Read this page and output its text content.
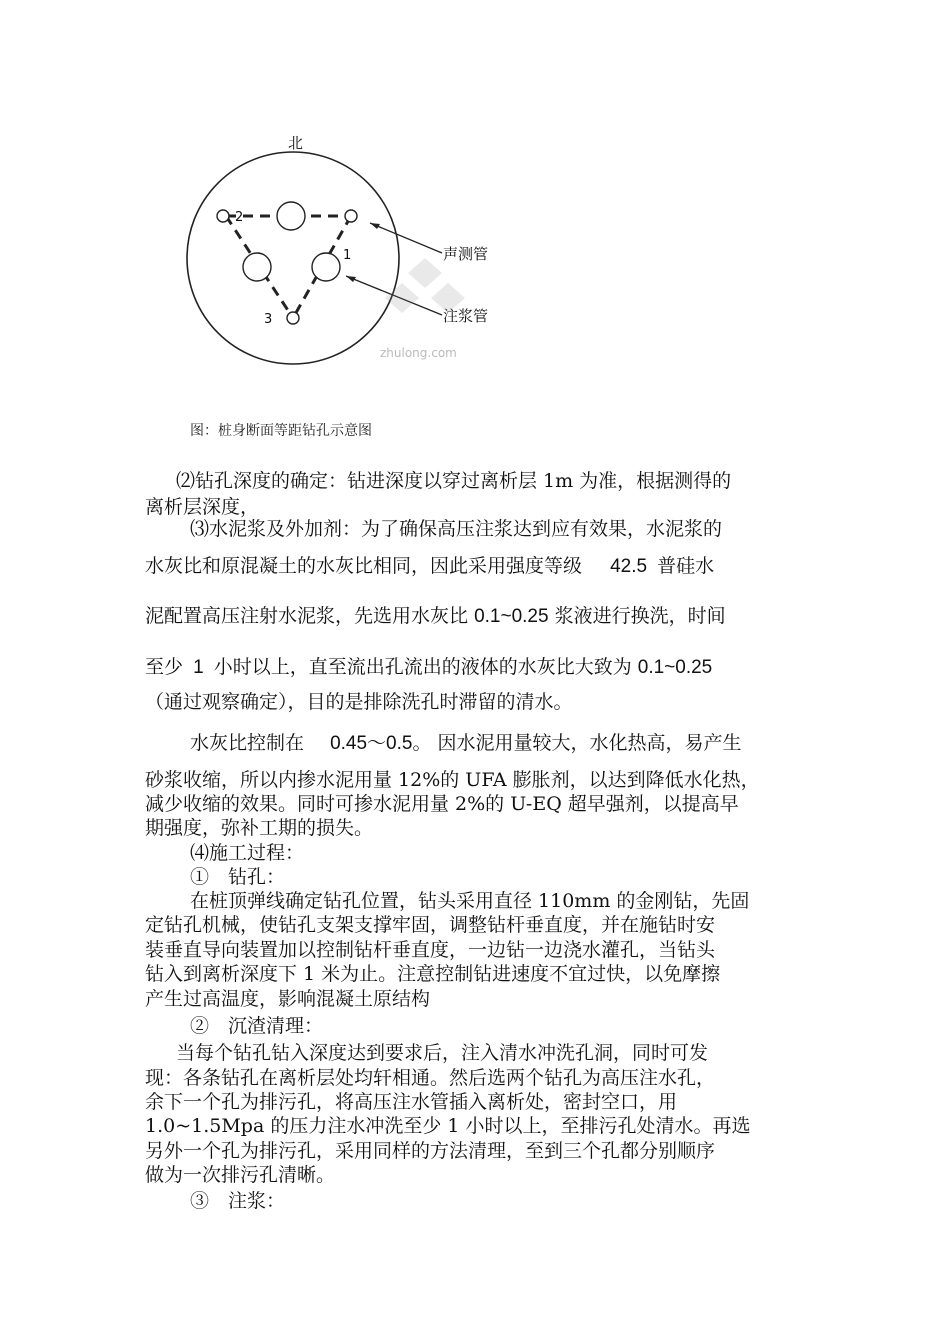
北
2
1
3
声测管
注浆管
zhulong.com
图：桩身断面等距钻孔示意图
⑵钻孔深度的确定：钻进深度以穿过离析层 1m 为准，根据测得的
离析层深度，
⑶水泥浆及外加剂：为了确保高压注浆达到应有效果，水泥浆的
水灰比和原混凝土的水灰比相同，因此采用强度等级 42.5 普硅水
泥配置高压注射水泥浆，先选用水灰比 0.1~0.25 浆液进行换洗，时间
至少 1 小时以上，直至流出孔流出的液体的水灰比大致为 0.1~0.25
（通过观察确定），目的是排除洗孔时滞留的清水。
水灰比控制在 0.45～0.5。 因水泥用量较大，水化热高，易产生
砂浆收缩，所以内掺水泥用量 12%的 UFA 膨胀剂，以达到降低水化热，
减少收缩的效果。同时可掺水泥用量 2%的 U-EQ 超早强剂，以提高早
期强度，弥补工期的损失。
⑷施工过程：
①　钻孔：
在桩顶弹线确定钻孔位置，钻头采用直径 110mm 的金刚钻，先固
定钻孔机械，使钻孔支架支撑牢固，调整钻杆垂直度，并在施钻时安
装垂直导向装置加以控制钻杆垂直度，一边钻一边浇水灌孔，当钻头
钻入到离析深度下 1 米为止。注意控制钻进速度不宜过快，以免摩擦
产生过高温度，影响混凝土原结构
②　沉渣清理：
当每个钻孔钻入深度达到要求后，注入清水冲洗孔洞，同时可发
现：各条钻孔在离析层处均轩相通。然后选两个钻孔为高压注水孔，
余下一个孔为排污孔，将高压注水管插入离析处，密封空口，用
1.0~1.5Mpa 的压力注水冲洗至少 1 小时以上，至排污孔处清水。再选
另外一个孔为排污孔，采用同样的方法清理，至到三个孔都分别顺序
做为一次排污孔清晰。
③　注浆：
